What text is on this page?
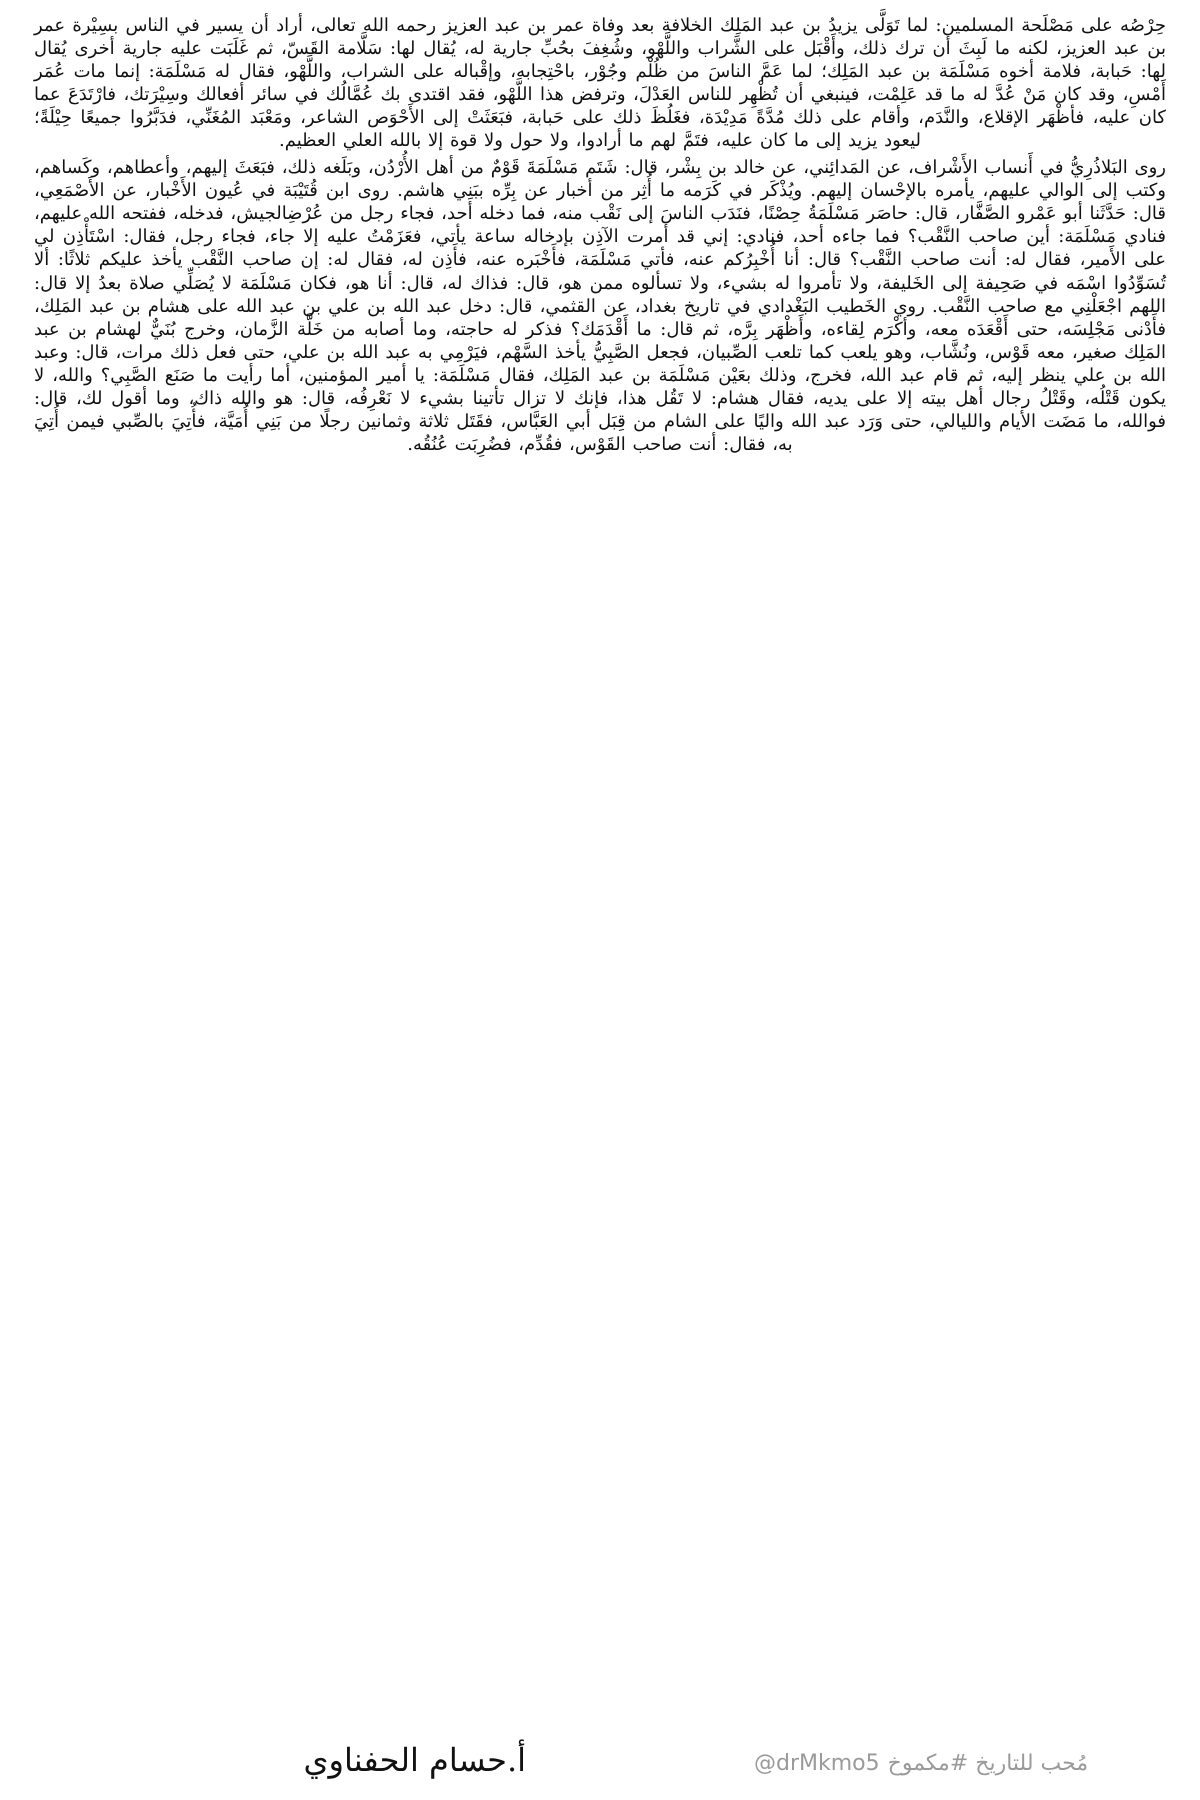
حِرْصُه على مَصْلَحة المسلمين: لما تَوَلَّى يزيدُ بن عبد المَلِك الخلافة بعد وفاة عمر بن عبد العزيز رحمه الله تعالى، أراد أن يسير في الناس بسِيْرة عمر بن عبد العزيز، لكنه ما لَبِثَ أن ترك ذلك، وأَقْبَل على الشَّراب واللَّهْو، وشُغِفَ بحُبِّ جارية له، يُقال لها: سَلَّامة القَسّ، ثم غَلَبَت عليه جارية أخرى يُقال لها: حَبابة، فلامة أخوه مَسْلَمَة بن عبد المَلِك؛ لما عَمَّ الناسَ من ظُلْم وجُوْر، باحْتِجابه، وإقْباله على الشراب، واللَّهْو، فقال له مَسْلَمَة: إنما مات عُمَر أَمْسِ، وقد كان مَنْ عُدَّ له ما قد عَلِمْت، فينبغي أن تُظْهِر للناس العَدْلَ، وترفض هذا اللَّهْو، فقد اقتدى بك عُمَّالُك في سائر أفعالك وسِيْرَتك، فارْتَدَعَ عما كان عليه، فأظْهَر الإقلاع، والنَّدَم، وأقام على ذلك مُدَّةً مَدِيْدَة، فغَلُظَ ذلك على حَبابة، فبَعَثَتْ إلى الأَحْوَص الشاعر، ومَعْبَد المُغَنِّي، فدَبَّرُوا جميعًا حِيْلَةً؛ ليعود يزيد إلى ما كان عليه، فتَمَّ لهم ما أرادوا، ولا حول ولا قوة إلا بالله العلي العظيم.

روى البَلاذُرِيُّ في أَنساب الأَشْراف، عن المَدائِني، عن خالد بن بِشْر، قال: شَتَم مَسْلَمَةَ قَوْمٌ من أهل الأُرْدُن، وبَلَغه ذلك، فبَعَثَ إليهم، وأعطاهم، وكَساهم، وكتب إلى الوالي عليهم، يأمره بالإحْسان إليهم. ويُذْكَر في كَرَمه ما أُثِر من أخبار عن بِرِّه ببَنِي هاشم. روى ابن قُتَيْبَة في عُيون الأَخْبار، عن الأَصْمَعِي، قال: حَدَّثَنا أبو عَمْرو الصَّفَّار، قال: حاصَر مَسْلَمَةُ حِصْنًا، فنَدَب الناسَ إلى نَقْب منه، فما دخله أحد، فجاء رجل من عُرْضِالجيش، فدخله، ففتحه الله عليهم، فنادي مَسْلَمَة: أين صاحب النَّقْب؟ فما جاءه أحد، فنادي: إني قد أمرت الآذِن بإدخاله ساعة يأتي، فعَزَمْتُ عليه إلا جاء، فجاء رجل، فقال: اسْتَأْذِن لي على الأَمير، فقال له: أنت صاحب النَّقْب؟ قال: أنا أُخْبِرُكم عنه، فأتي مَسْلَمَة، فأَخْبَره عنه، فأَذِن له، فقال له: إن صاحب النَّقْب يأخذ عليكم ثلاثًا: ألا تُسَوِّدُوا اسْمَه في صَحِيفة إلى الخَليفة، ولا تأمروا له بشيء، ولا تسألوه ممن هو، قال: فذاك له، قال: أنا هو، فكان مَسْلَمَة لا يُصَلِّي صلاة بعدُ إلا قال: اللهم اجْعَلْنِي مع صاحب النَّقْب. روي الخَطيب البَغْدادي في تاريخ بغداد، عن القثمي، قال: دخل عبد الله بن علي بن عبد الله على هشام بن عبد المَلِك، فأَدْنى مَجْلِسَه، حتى أَقْعَدَه معه، وأكْرَم لِقاءه، وأَظْهَر بِرَّه، ثم قال: ما أَقْدَمَك؟ فذكر له حاجته، وما أصابه من خَلَّة الزَّمان، وخرج بُنَيٌّ لهشام بن عبد المَلِك صغير، معه قَوْس، ونُشَّاب، وهو يلعب كما تلعب الصِّبيان، فجعل الصَّبِيُّ يأخذ السَّهْم، فيَرْمِي به عبد الله بن علي، حتى فعل ذلك مرات، قال: وعبد الله بن علي ينظر إليه، ثم قام عبد الله، فخرج، وذلك بعَيْن مَسْلَمَة بن عبد المَلِك، فقال مَسْلَمَة: يا أمير المؤمنين، أما رأيت ما صَنَع الصَّبِي؟ والله، لا يكون قَتْلُه، وقَتْلُ رجال أهل بيته إلا على يديه، فقال هشام: لا تَقُل هذا، فإنك لا تزال تأتينا بشيء لا نَعْرِفُه، قال: هو والله ذاك، وما أقول لك، قال: فوالله، ما مَضَت الأيام والليالي، حتى وَرَد عبد الله واليًا على الشام من قِبَل أبي العَبَّاس، فقَتَل ثلاثة وثمانين رجلًا من بَنِي أُمَيَّة، فأُتِيَ بالصِّبي فيمن أُتِيَ به، فقال: أنت صاحب القَوْس، فقُدِّم، فضُرِبَت عُنُقُه.

@drMkmo5 مُحب للتاريخ #مكموخ
أ.حسام الحفناوي
